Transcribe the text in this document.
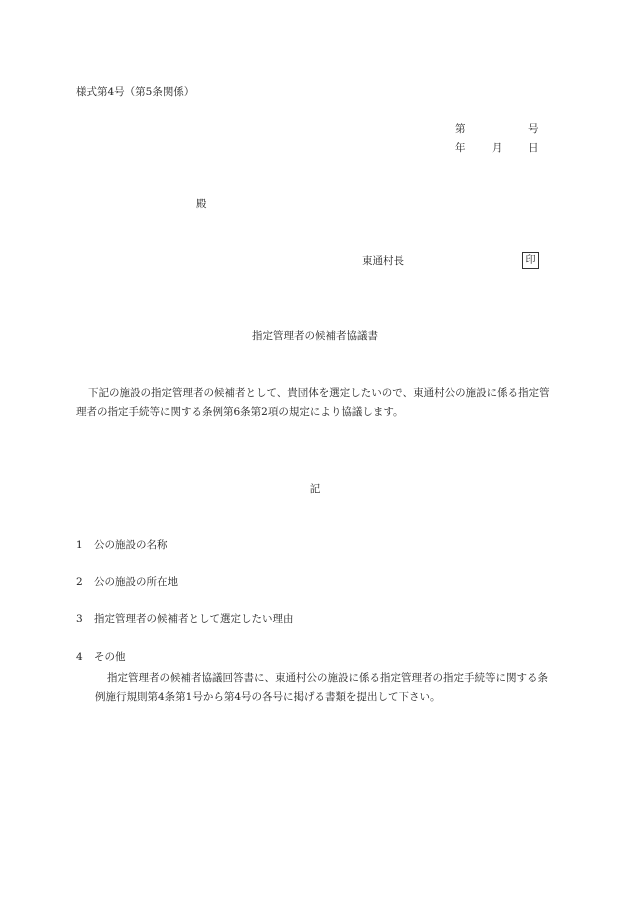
様式第4号（第5条関係）
第	号
年	月 日
殿
東通村長	印
指定管理者の候補者協議書
下記の施設の指定管理者の候補者として、貴団体を選定したいので、東通村公の施設に係る指定管理者の指定手続等に関する条例第6条第2項の規定により協議します。
記
1 公の施設の名称
2 公の施設の所在地
3 指定管理者の候補者として選定したい理由
4 その他
指定管理者の候補者協議回答書に、東通村公の施設に係る指定管理者の指定手続等に関する条例施行規則第4条第1号から第4号の各号に掲げる書類を提出して下さい。
